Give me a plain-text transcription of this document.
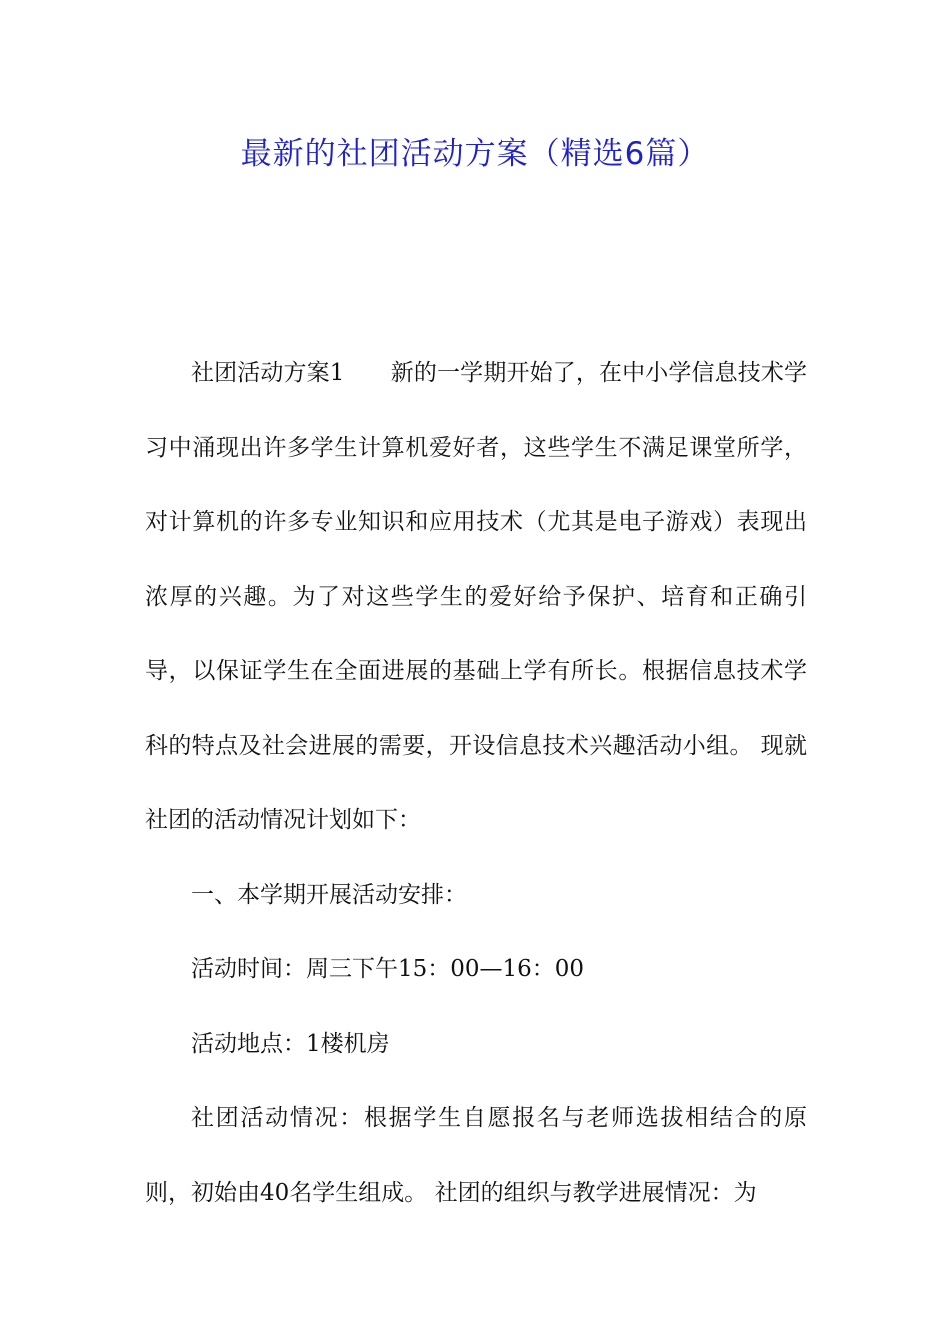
最新的社团活动方案（精选6篇）

社团活动方案1　　新的一学期开始了，在中小学信息技术学习中涌现出许多学生计算机爱好者，这些学生不满足课堂所学，对计算机的许多专业知识和应用技术（尤其是电子游戏）表现出浓厚的兴趣。为了对这些学生的爱好给予保护、培育和正确引导，以保证学生在全面进展的基础上学有所长。根据信息技术学科的特点及社会进展的需要，开设信息技术兴趣活动小组。 现就社团的活动情况计划如下：

一、本学期开展活动安排：

活动时间：周三下午15：00—16：00

活动地点：1楼机房

社团活动情况：根据学生自愿报名与老师选拔相结合的原则，初始由40名学生组成。 社团的组织与教学进展情况：为
